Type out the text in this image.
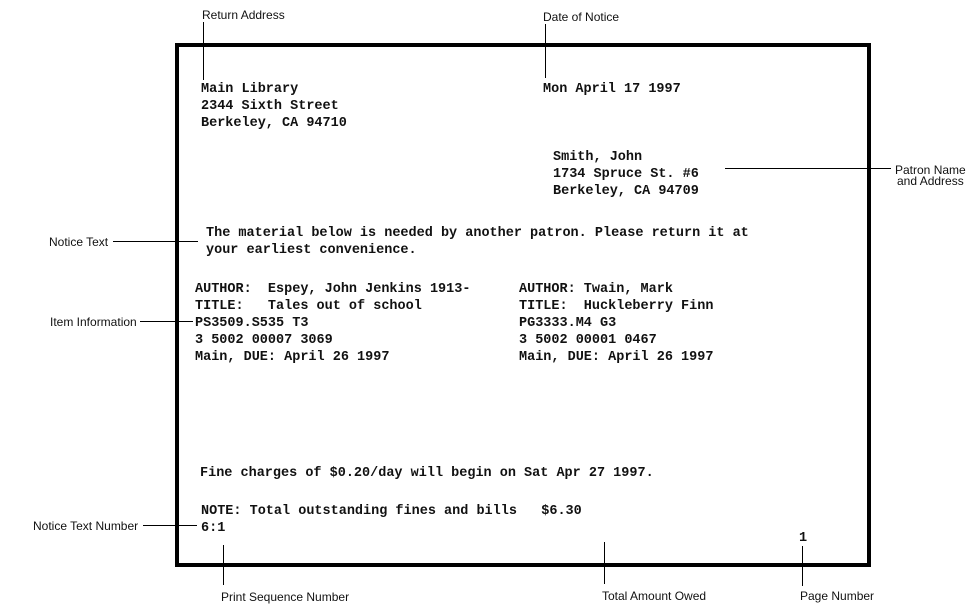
Main Library
2344 Sixth Street
Berkeley, CA 94710
Mon April 17 1997
Smith, John
1734 Spruce St. #6
Berkeley, CA 94709
The material below is needed by another patron. Please return it at
your earliest convenience.
AUTHOR:  Espey, John Jenkins 1913-
TITLE:   Tales out of school
PS3509.S535 T3
3 5002 00007 3069
Main, DUE: April 26 1997
AUTHOR: Twain, Mark
TITLE:  Huckleberry Finn
PG3333.M4 G3
3 5002 00001 0467
Main, DUE: April 26 1997
Fine charges of $0.20/day will begin on Sat Apr 27 1997.
NOTE: Total outstanding fines and bills   $6.30
6:1
1
Return Address	Date of Notice
Patron Name
and Address
Notice Text
Item Information
Notice Text Number
Print Sequence Number	Total Amount Owed	Page Number
